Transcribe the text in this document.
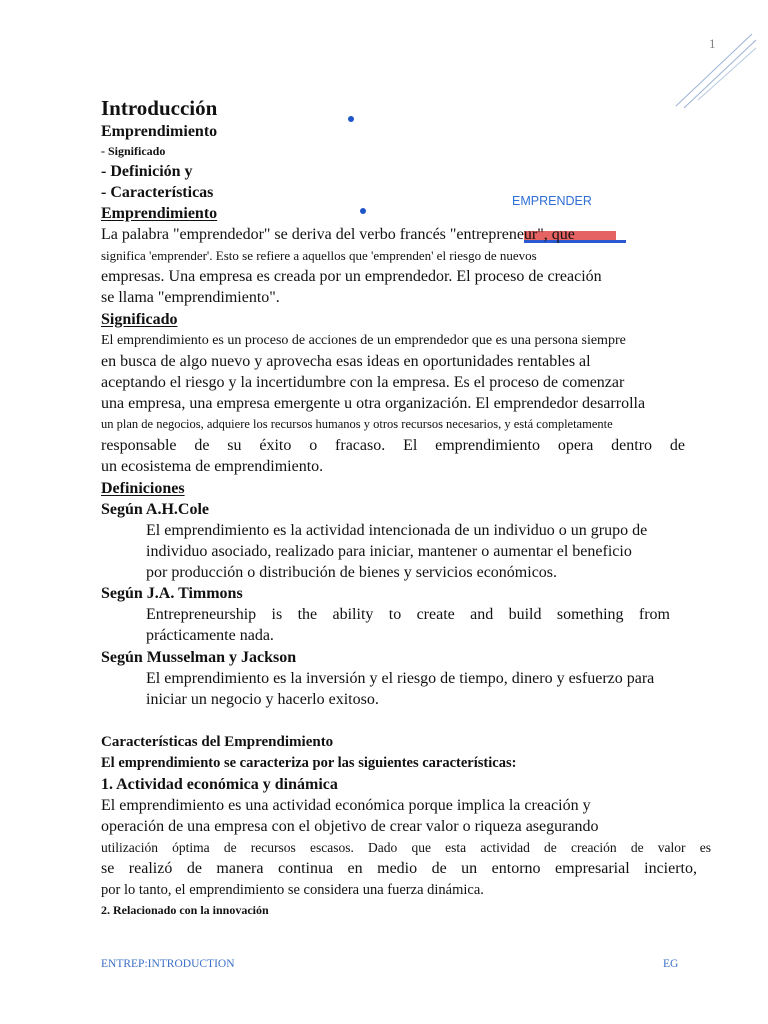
1
EMPRENDER
Introducción
Emprendimiento
- Significado
- Definición y
- Características
Emprendimiento
La palabra "emprendedor" se deriva del verbo francés "entrepreneur", que
significa 'emprender'. Esto se refiere a aquellos que 'emprenden' el riesgo de nuevos
empresas. Una empresa es creada por un emprendedor. El proceso de creación
se llama "emprendimiento".
Significado
El emprendimiento es un proceso de acciones de un emprendedor que es una persona siempre
en busca de algo nuevo y aprovecha esas ideas en oportunidades rentables al
aceptando el riesgo y la incertidumbre con la empresa. Es el proceso de comenzar
una empresa, una empresa emergente u otra organización. El emprendedor desarrolla
un plan de negocios, adquiere los recursos humanos y otros recursos necesarios, y está completamente
responsable de su éxito o fracaso. El emprendimiento opera dentro de
un ecosistema de emprendimiento.
Definiciones
Según A.H.Cole
El emprendimiento es la actividad intencionada de un individuo o un grupo de
individuo asociado, realizado para iniciar, mantener o aumentar el beneficio
por producción o distribución de bienes y servicios económicos.
Según J.A. Timmons
Entrepreneurship is the ability to create and build something from
prácticamente nada.
Según Musselman y Jackson
El emprendimiento es la inversión y el riesgo de tiempo, dinero y esfuerzo para
iniciar un negocio y hacerlo exitoso.
Características del Emprendimiento
El emprendimiento se caracteriza por las siguientes características:
1. Actividad económica y dinámica
El emprendimiento es una actividad económica porque implica la creación y
operación de una empresa con el objetivo de crear valor o riqueza asegurando
utilización óptima de recursos escasos. Dado que esta actividad de creación de valor es
se realizó de manera continua en medio de un entorno empresarial incierto,
por lo tanto, el emprendimiento se considera una fuerza dinámica.
2. Relacionado con la innovación
ENTREP:INTRODUCTION	EG
